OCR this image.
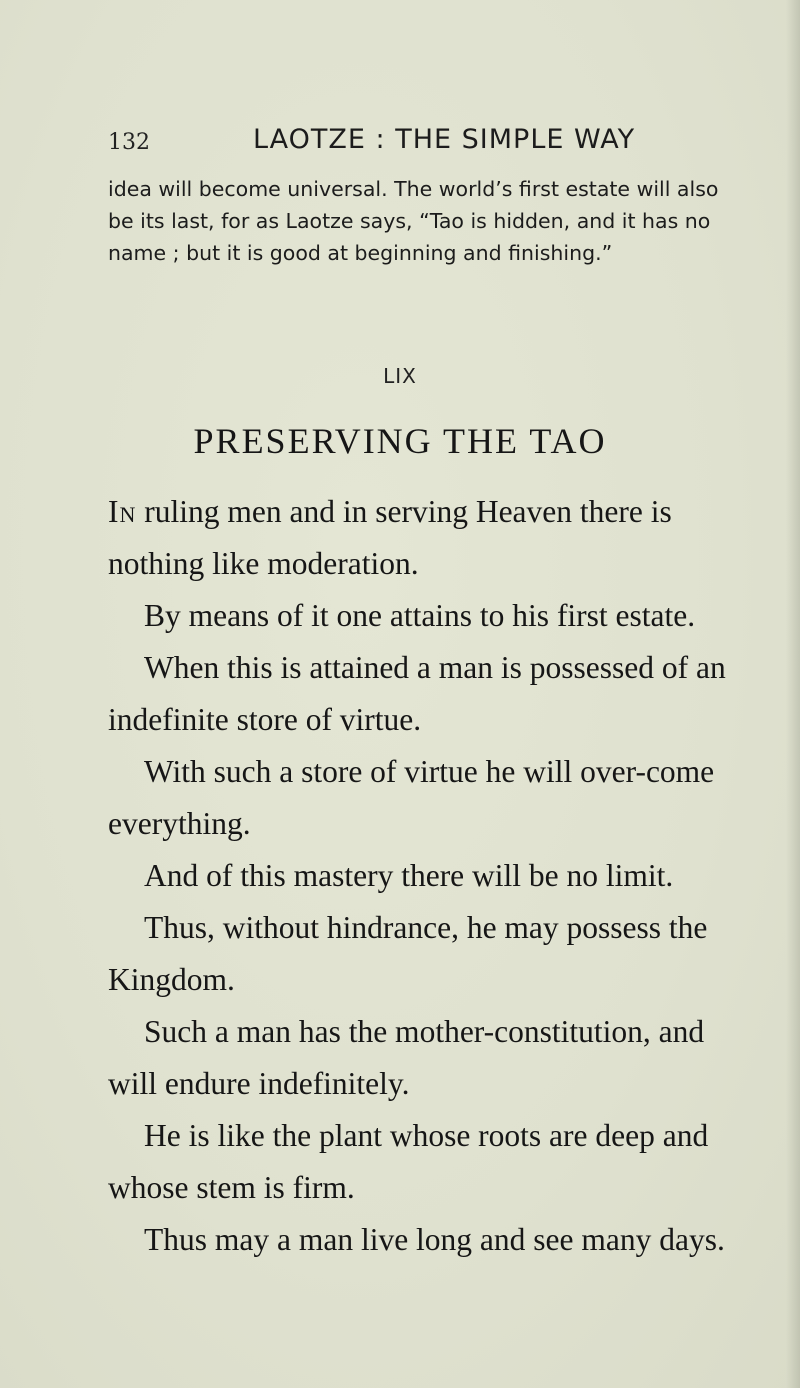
132	LAOTZE : THE SIMPLE WAY

idea will become universal. The world’s first estate will also

be its last, for as Laotze says, “Tao is hidden, and it has no

name ; but it is good at beginning and finishing.”

LIX
PRESERVING THE TAO

In ruling men and in serving Heaven there is nothing like moderation.

By means of it one attains to his first estate.

When this is attained a man is possessed of an indefinite store of virtue.

With such a store of virtue he will over-come everything.

And of this mastery there will be no limit.

Thus, without hindrance, he may possess the Kingdom.

Such a man has the mother-constitution, and will endure indefinitely.

He is like the plant whose roots are deep and whose stem is firm.

Thus may a man live long and see many days.
